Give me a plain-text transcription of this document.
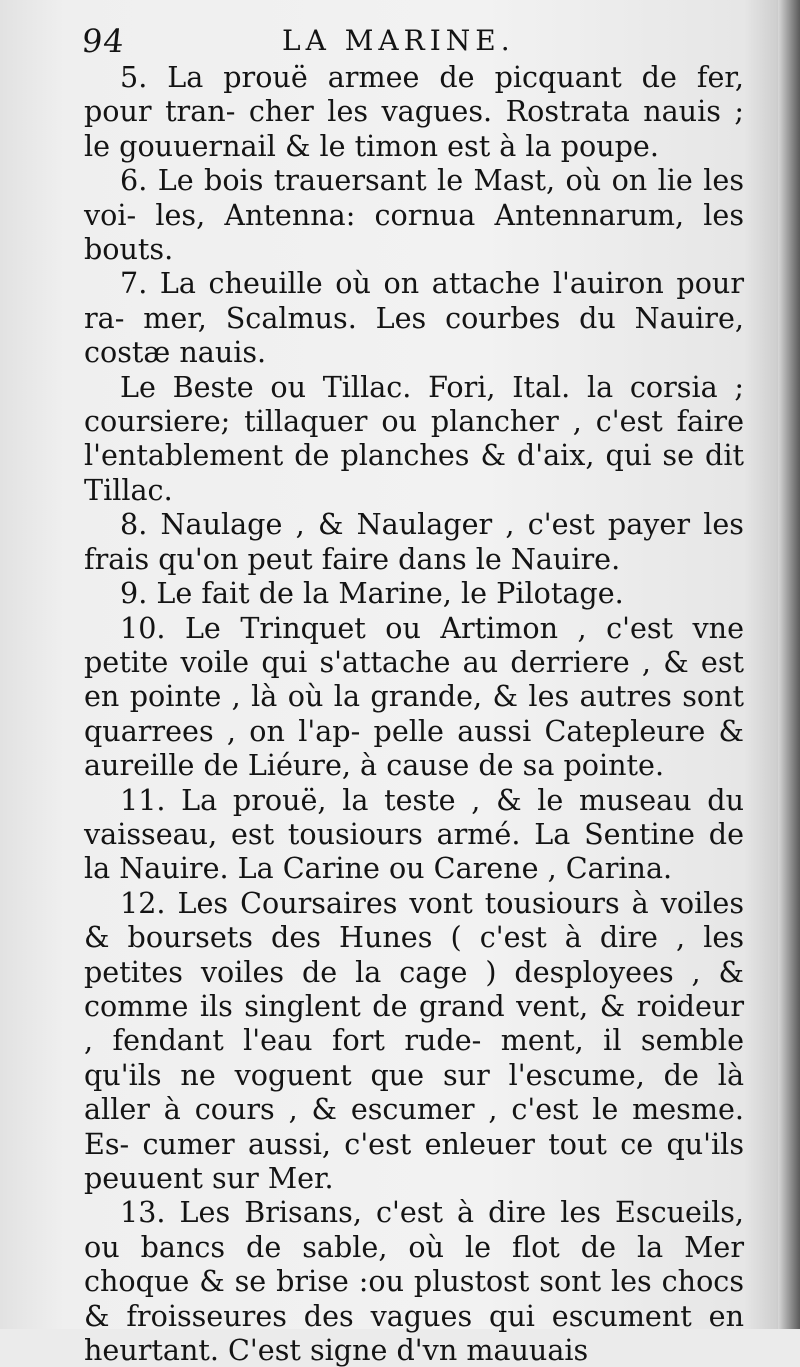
94	LA MARINE.

5. La prouë armee de picquant de fer, pour tran- cher les vagues. Rostrata nauis ; le gouuernail & le timon est à la poupe.

6. Le bois trauersant le Mast, où on lie les voi- les, Antenna: cornua Antennarum, les bouts.

7. La cheuille où on attache l'auiron pour ra- mer, Scalmus. Les courbes du Nauire, costæ nauis.

Le Beste ou Tillac. Fori, Ital. la corsia ; coursiere; tillaquer ou plancher , c'est faire l'entablement de planches & d'aix, qui se dit Tillac.

8. Naulage , & Naulager , c'est payer les frais qu'on peut faire dans le Nauire.

9. Le fait de la Marine, le Pilotage.

10. Le Trinquet ou Artimon , c'est vne petite voile qui s'attache au derriere , & est en pointe , là où la grande, & les autres sont quarrees , on l'ap- pelle aussi Catepleure & aureille de Liéure, à cause de sa pointe.

11. La prouë, la teste , & le museau du vaisseau, est tousiours armé. La Sentine de la Nauire. La Carine ou Carene , Carina.

12. Les Coursaires vont tousiours à voiles & boursets des Hunes ( c'est à dire , les petites voiles de la cage ) desployees , & comme ils singlent de grand vent, & roideur , fendant l'eau fort rude- ment, il semble qu'ils ne voguent que sur l'escume, de là aller à cours , & escumer , c'est le mesme. Es- cumer aussi, c'est enleuer tout ce qu'ils peuuent sur Mer.

13. Les Brisans, c'est à dire les Escueils, ou bancs de sable, où le flot de la Mer choque & se brise :ou plustost sont les chocs & froisseures des vagues qui escument en heurtant. C'est signe d'vn mauuais
